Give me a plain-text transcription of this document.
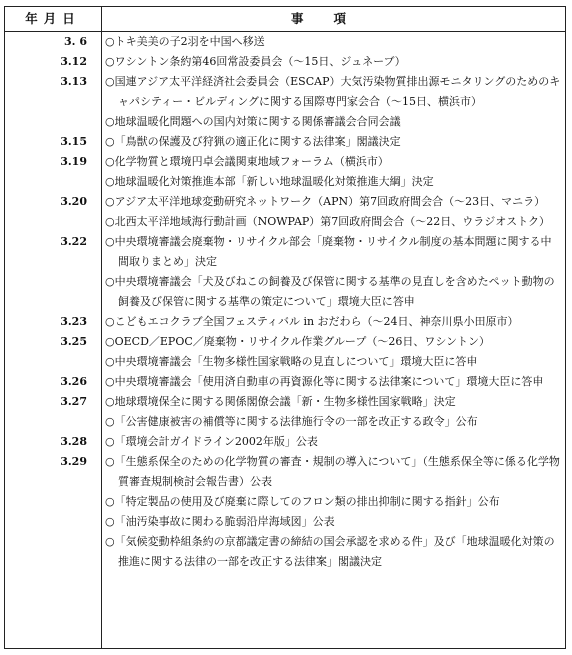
年月日	事項
3. 6	○トキ美美の子2羽を中国へ移送
3.12	○ワシントン条約第46回常設委員会（〜15日、ジュネーブ）
3.13	○国連アジア太平洋経済社会委員会（ESCAP）大気汚染物質排出源モニタリングのためのキャパシティー・ビルディングに関する国際専門家会合（〜15日、横浜市）
○地球温暖化問題への国内対策に関する関係審議会合同会議
3.15	○「鳥獣の保護及び狩猟の適正化に関する法律案」閣議決定
3.19	○化学物質と環境円卓会議関東地域フォーラム（横浜市）
○地球温暖化対策推進本部「新しい地球温暖化対策推進大綱」決定
3.20	○アジア太平洋地球変動研究ネットワーク（APN）第7回政府間会合（〜23日、マニラ）
○北西太平洋地域海行動計画（NOWPAP）第7回政府間会合（〜22日、ウラジオストク）
3.22	○中央環境審議会廃棄物・リサイクル部会「廃棄物・リサイクル制度の基本問題に関する中間取りまとめ」決定
○中央環境審議会「犬及びねこの飼養及び保管に関する基準の見直しを含めたペット動物の飼養及び保管に関する基準の策定について」環境大臣に答申
3.23	○こどもエコクラブ全国フェスティバル in おだわら（〜24日、神奈川県小田原市）
3.25	○OECD／EPOC／廃棄物・リサイクル作業グループ（〜26日、ワシントン）
○中央環境審議会「生物多様性国家戦略の見直しについて」環境大臣に答申
3.26	○中央環境審議会「使用済自動車の再資源化等に関する法律案について」環境大臣に答申
3.27	○地球環境保全に関する関係閣僚会議「新・生物多様性国家戦略」決定
○「公害健康被害の補償等に関する法律施行令の一部を改正する政令」公布
3.28	○「環境会計ガイドライン2002年版」公表
3.29	○「生態系保全のための化学物質の審査・規制の導入について」（生態系保全等に係る化学物質審査規制検討会報告書）公表
○「特定製品の使用及び廃棄に際してのフロン類の排出抑制に関する指針」公布
○「油汚染事故に関わる脆弱沿岸海域図」公表
○「気候変動枠組条約の京都議定書の締結の国会承認を求める件」及び「地球温暖化対策の推進に関する法律の一部を改正する法律案」閣議決定
